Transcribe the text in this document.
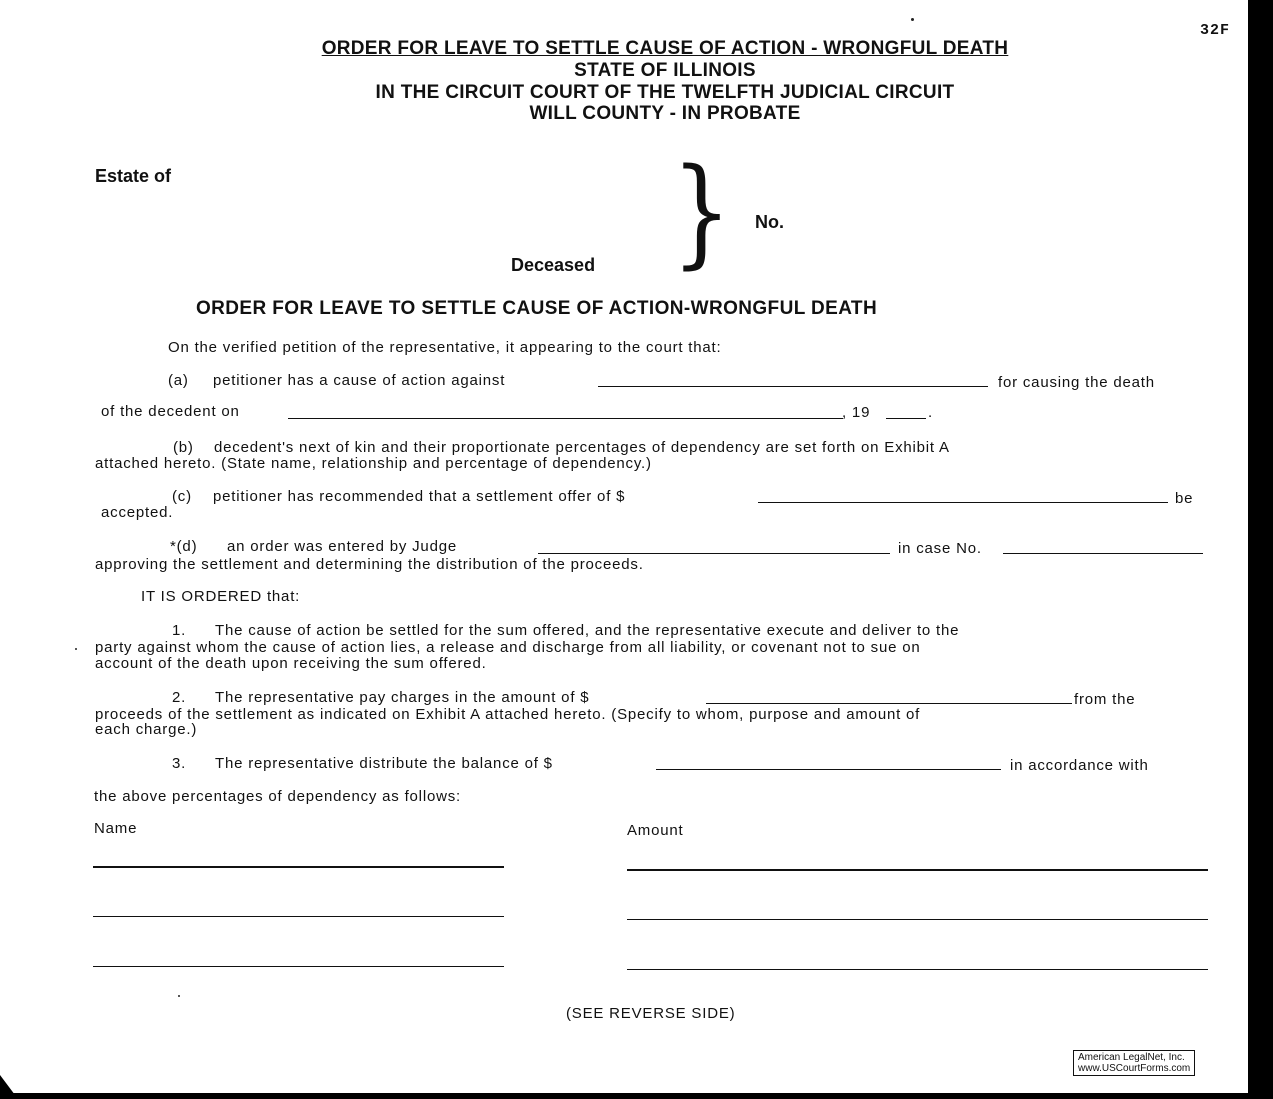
32F
ORDER FOR LEAVE TO SETTLE CAUSE OF ACTION - WRONGFUL DEATH
STATE OF ILLINOIS
IN THE CIRCUIT COURT OF THE TWELFTH JUDICIAL CIRCUIT
WILL COUNTY - IN PROBATE
Estate of	} No.
Deceased
ORDER FOR LEAVE TO SETTLE CAUSE OF ACTION-WRONGFUL DEATH
On the verified petition of the representative, it appearing to the court that:
(a) petitioner has a cause of action against	for causing the death
of the decedent on	, 19	.
(b) decedent's next of kin and their proportionate percentages of dependency are set forth on Exhibit A
attached hereto. (State name, relationship and percentage of dependency.)
(c) petitioner has recommended that a settlement offer of $	be
accepted.
*(d) an order was entered by Judge	in case No.
approving the settlement and determining the distribution of the proceeds.
IT IS ORDERED that:
1. The cause of action be settled for the sum offered, and the representative execute and deliver to the
party against whom the cause of action lies, a release and discharge from all liability, or covenant not to sue on
account of the death upon receiving the sum offered.
2. The representative pay charges in the amount of $	from the
proceeds of the settlement as indicated on Exhibit A attached hereto. (Specify to whom, purpose and amount of
each charge.)
3. The representative distribute the balance of $	in accordance with
the above percentages of dependency as follows:
Name	Amount
(SEE REVERSE SIDE)
American LegalNet, Inc.
www.USCourtForms.com
